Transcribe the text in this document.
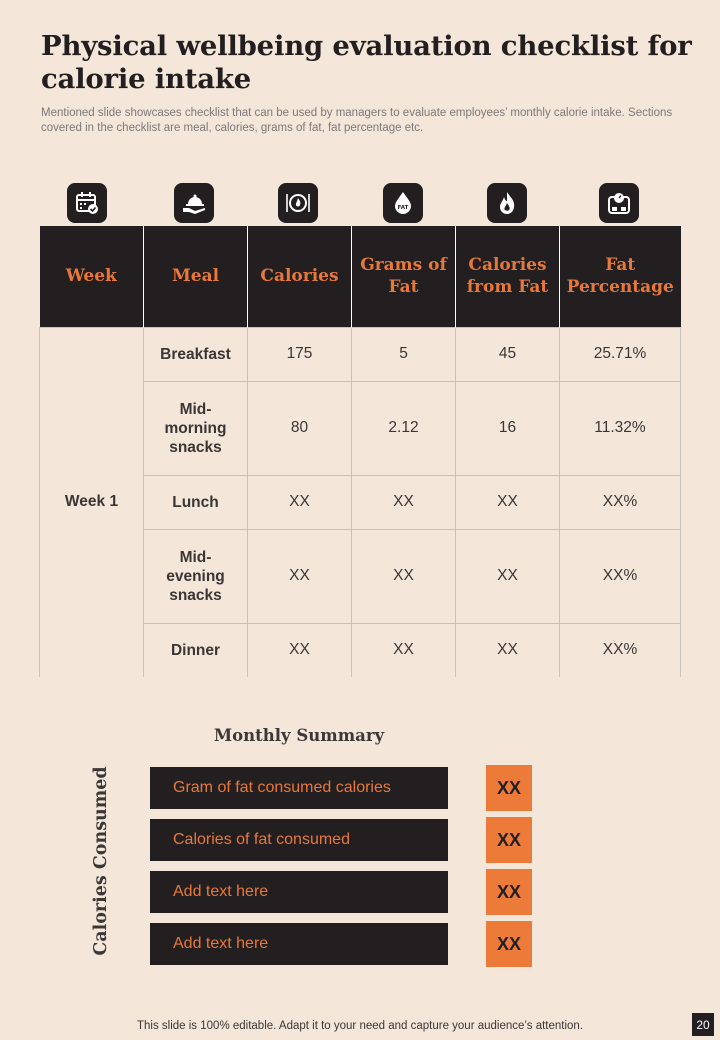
Physical wellbeing evaluation checklist for calorie intake

Mentioned slide showcases checklist that can be used by managers to evaluate employees’ monthly calorie intake. Sections covered in the checklist are meal, calories, grams of fat, fat percentage etc.

FAT
Week	Meal	Calories	Grams of Fat	Calories from Fat	Fat Percentage
Week 1	Breakfast	175	5	45	25.71%
	Mid-morning snacks	80	2.12	16	11.32%
	Lunch	XX	XX	XX	XX%
	Mid-evening snacks	XX	XX	XX	XX%
	Dinner	XX	XX	XX	XX%
Monthly Summary
Calories Consumed	Gram of fat consumed calories	XX
Calories of fat consumed	XX
Add text here	XX
Add text here	XX
This slide is 100% editable. Adapt it to your need and capture your audience’s attention.	20
